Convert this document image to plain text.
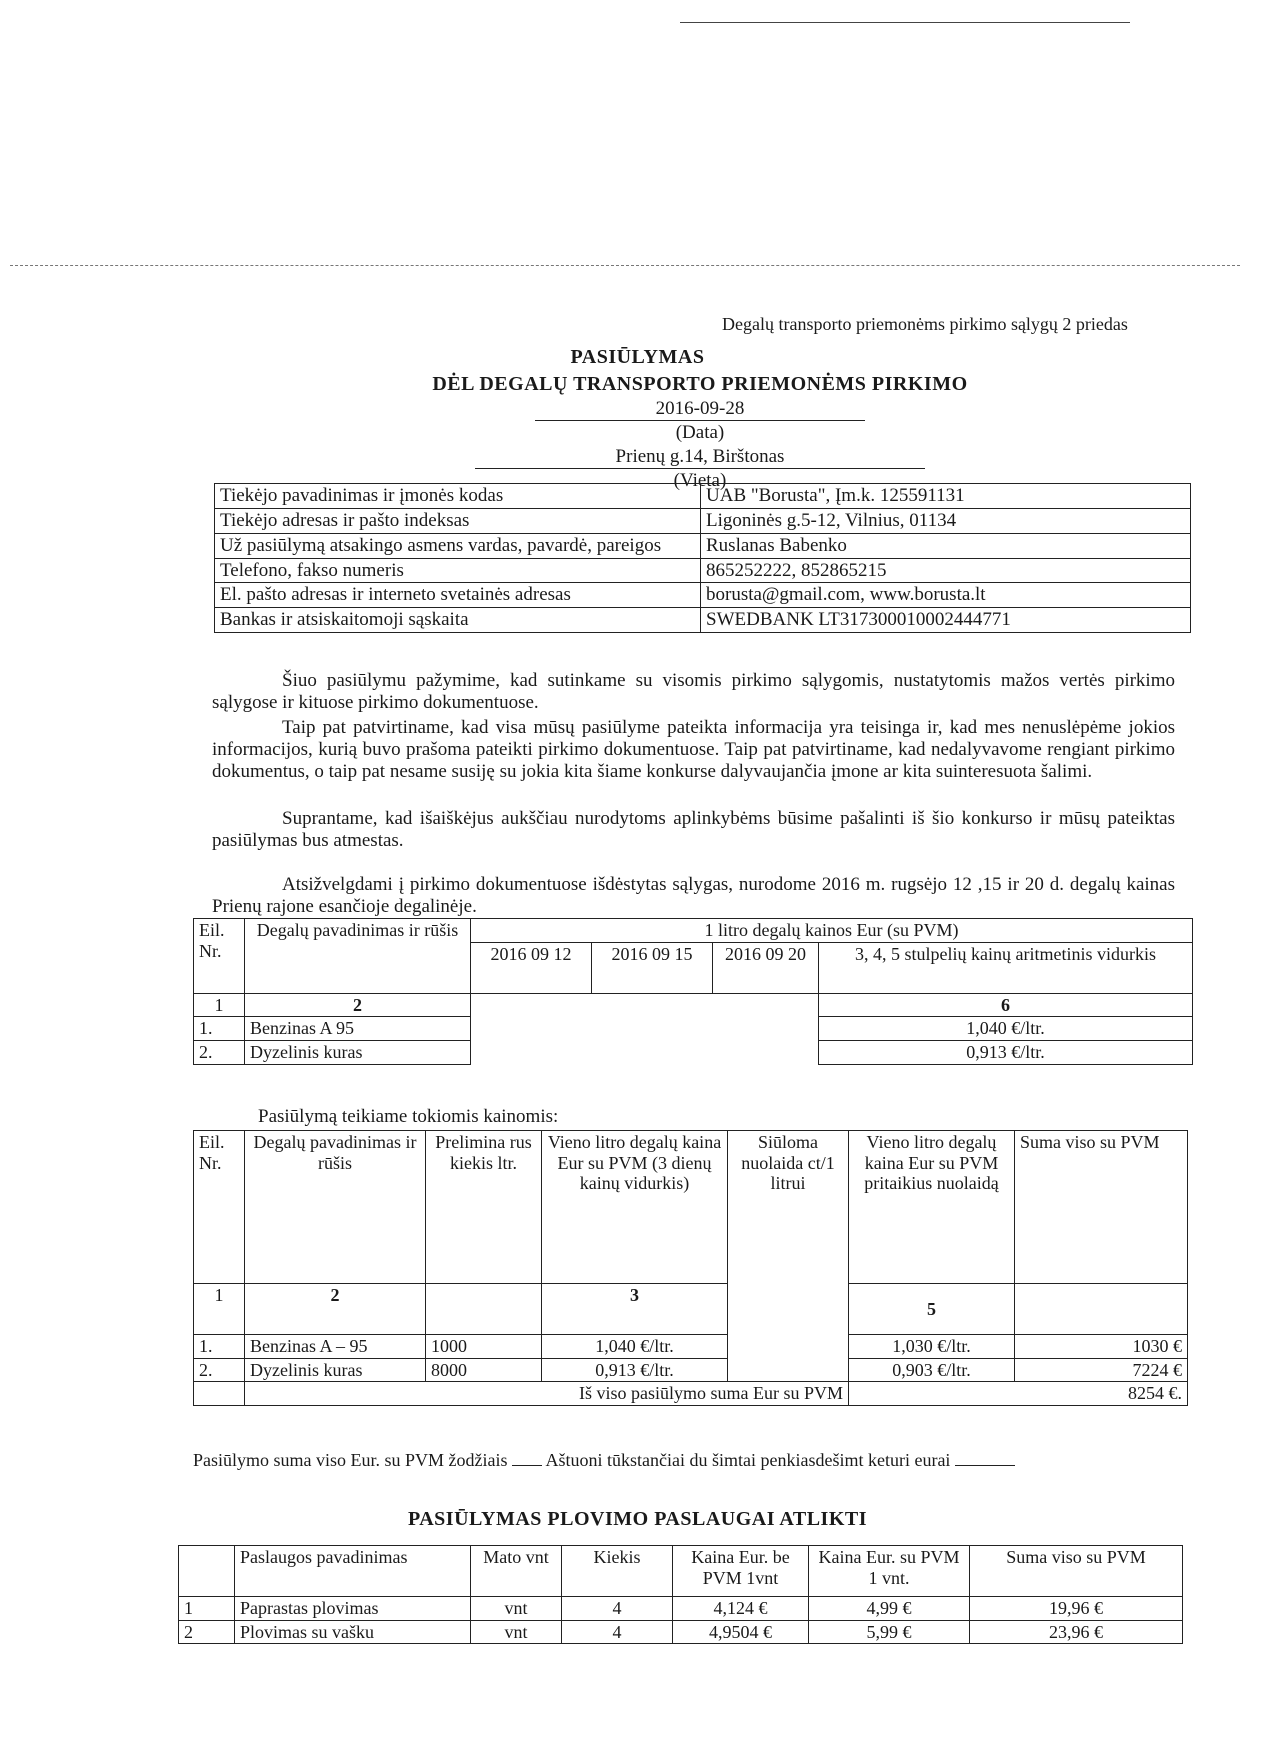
Degalų transporto priemonėms pirkimo sąlygų 2 priedas
PASIŪLYMAS
DĖL DEGALŲ TRANSPORTO PRIEMONĖMS PIRKIMO
2016-09-28
(Data)
Prienų g.14, Birštonas
(Vieta)
Tiekėjo pavadinimas ir įmonės kodas	UAB "Borusta", Įm.k. 125591131
Tiekėjo adresas ir pašto indeksas	Ligoninės g.5-12, Vilnius, 01134
Už pasiūlymą atsakingo asmens vardas, pavardė, pareigos	Ruslanas Babenko
Telefono, fakso numeris	865252222, 852865215
El. pašto adresas ir interneto svetainės adresas	borusta@gmail.com, www.borusta.lt
Bankas ir atsiskaitomoji sąskaita	SWEDBANK LT317300010002444771
Šiuo pasiūlymu pažymime, kad sutinkame su visomis pirkimo sąlygomis, nustatytomis mažos vertės pirkimo sąlygose ir kituose pirkimo dokumentuose.
Taip pat patvirtiname, kad visa mūsų pasiūlyme pateikta informacija yra teisinga ir, kad mes nenuslėpėme jokios informacijos, kurią buvo prašoma pateikti pirkimo dokumentuose. Taip pat patvirtiname, kad nedalyvavome rengiant pirkimo dokumentus, o taip pat nesame susiję su jokia kita šiame konkurse dalyvaujančia įmone ar kita suinteresuota šalimi.
Suprantame, kad išaiškėjus aukščiau nurodytoms aplinkybėms būsime pašalinti iš šio konkurso ir mūsų pateiktas pasiūlymas bus atmestas.
Atsižvelgdami į pirkimo dokumentuose išdėstytas sąlygas, nurodome 2016 m. rugsėjo 12 ,15 ir 20 d. degalų kainas Prienų rajone esančioje degalinėje.
Eil. Nr.	Degalų pavadinimas ir rūšis	1 litro degalų kainos Eur (su PVM)			
		2016 09 12	2016 09 15	2016 09 20	3, 4, 5 stulpelių kainų aritmetinis vidurkis
1	2				6
1.	Benzinas A 95				1,040 €/ltr.
2.	Dyzelinis kuras				0,913 €/ltr.
Pasiūlymą teikiame tokiomis kainomis:
Eil. Nr.	Degalų pavadinimas ir rūšis	Prelimina rus kiekis ltr.	Vieno litro degalų kaina Eur su PVM (3 dienų kainų vidurkis)	Siūloma nuolaida ct/1 litrui	Vieno litro degalų kaina Eur su PVM pritaikius nuolaidą	Suma viso su PVM
1	2		3		5	
1.	Benzinas A – 95	1000	1,040 €/ltr.		1,030 €/ltr.	1030 €
2.	Dyzelinis kuras	8000	0,913 €/ltr.		0,903 €/ltr.	7224 €
	Iš viso pasiūlymo suma Eur su PVM				8254 €.	
Pasiūlymo suma viso Eur. su PVM žodžiais Aštuoni tūkstančiai du šimtai penkiasdešimt keturi eurai
PASIŪLYMAS PLOVIMO PASLAUGAI ATLIKTI
	Paslaugos pavadinimas	Mato vnt	Kiekis	Kaina Eur. be PVM 1vnt	Kaina Eur. su PVM 1 vnt.	Suma viso su PVM
1	Paprastas plovimas	vnt	4	4,124 €	4,99 €	19,96 €
2	Plovimas su vašku	vnt	4	4,9504 €	5,99 €	23,96 €
